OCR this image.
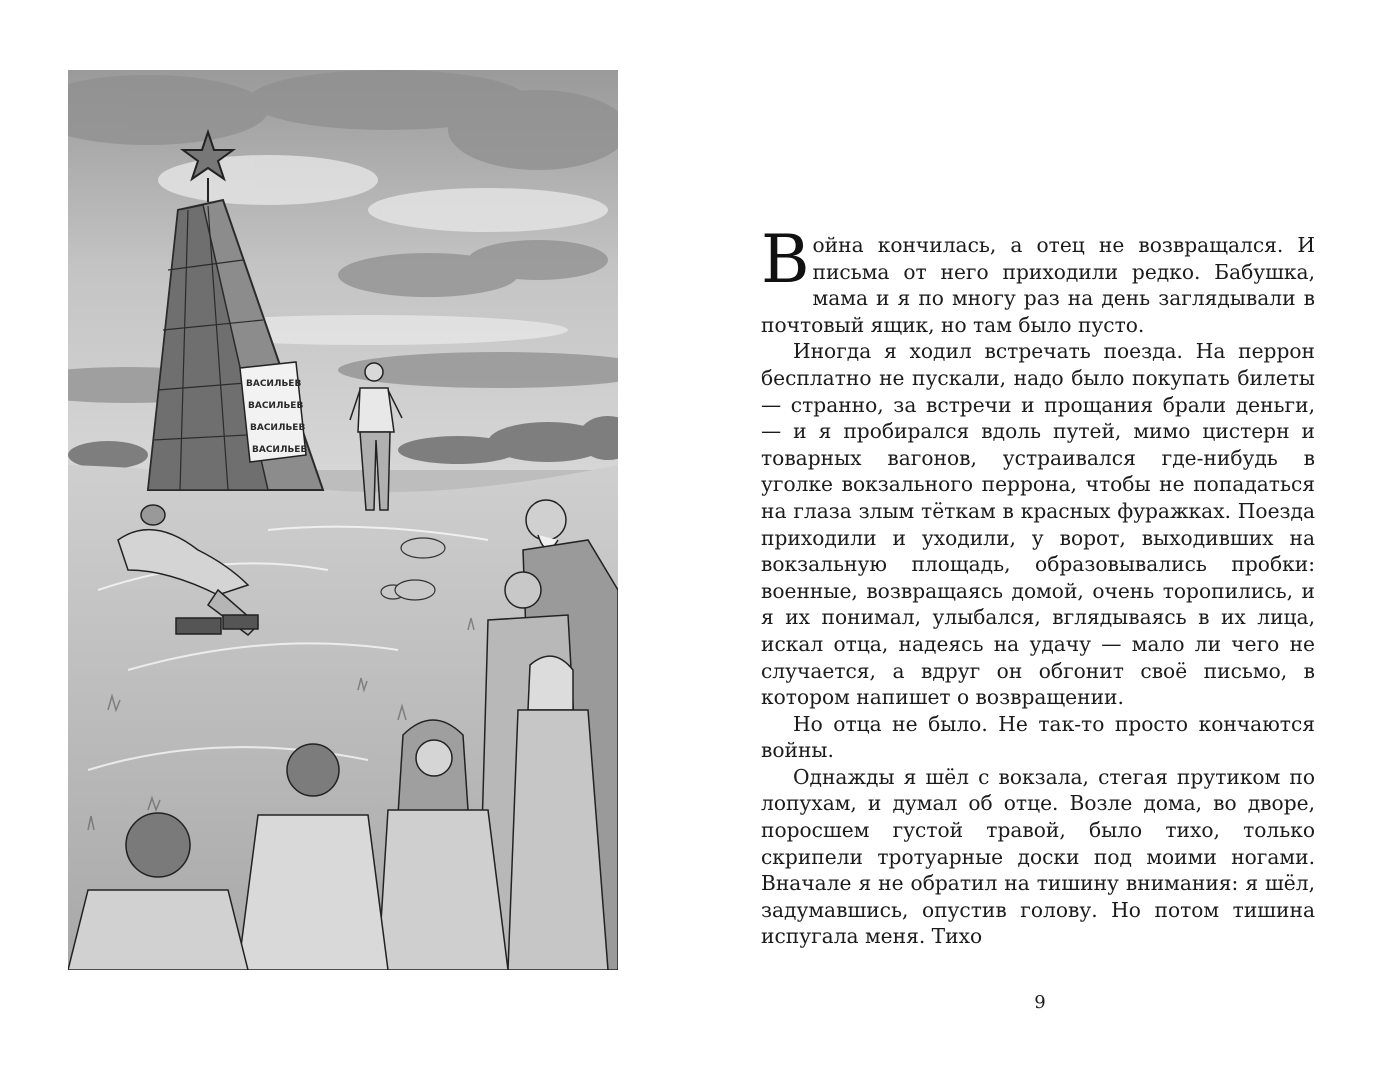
ВАСИЛЬЕВ
ВАСИЛЬЕВ
ВАСИЛЬЕВ
ВАСИЛЬЕВ

Война кончилась, а отец не возвращался. И письма от него приходили редко. Бабушка, мама и я по многу раз на день заглядывали в почтовый ящик, но там было пусто.

Иногда я ходил встречать поезда. На перрон бесплатно не пускали, надо было покупать билеты — странно, за встречи и прощания брали деньги, — и я пробирался вдоль путей, мимо цистерн и товарных вагонов, устраивался где-нибудь в уголке вокзального перрона, чтобы не попадаться на глаза злым тёткам в красных фуражках. Поезда приходили и уходили, у ворот, выходивших на вокзальную площадь, образовывались пробки: военные, возвращаясь домой, очень торопились, и я их понимал, улыбался, вглядываясь в их лица, искал отца, надеясь на удачу — мало ли чего не случается, а вдруг он обгонит своё письмо, в котором напишет о возвращении.

Но отца не было. Не так-то просто кончаются войны.

Однажды я шёл с вокзала, стегая прутиком по лопухам, и думал об отце. Возле дома, во дворе, поросшем густой травой, было тихо, только скрипели тротуарные доски под моими ногами. Вначале я не обратил на тишину внимания: я шёл, задумавшись, опустив голову. Но потом тишина испугала меня. Тихо

9
